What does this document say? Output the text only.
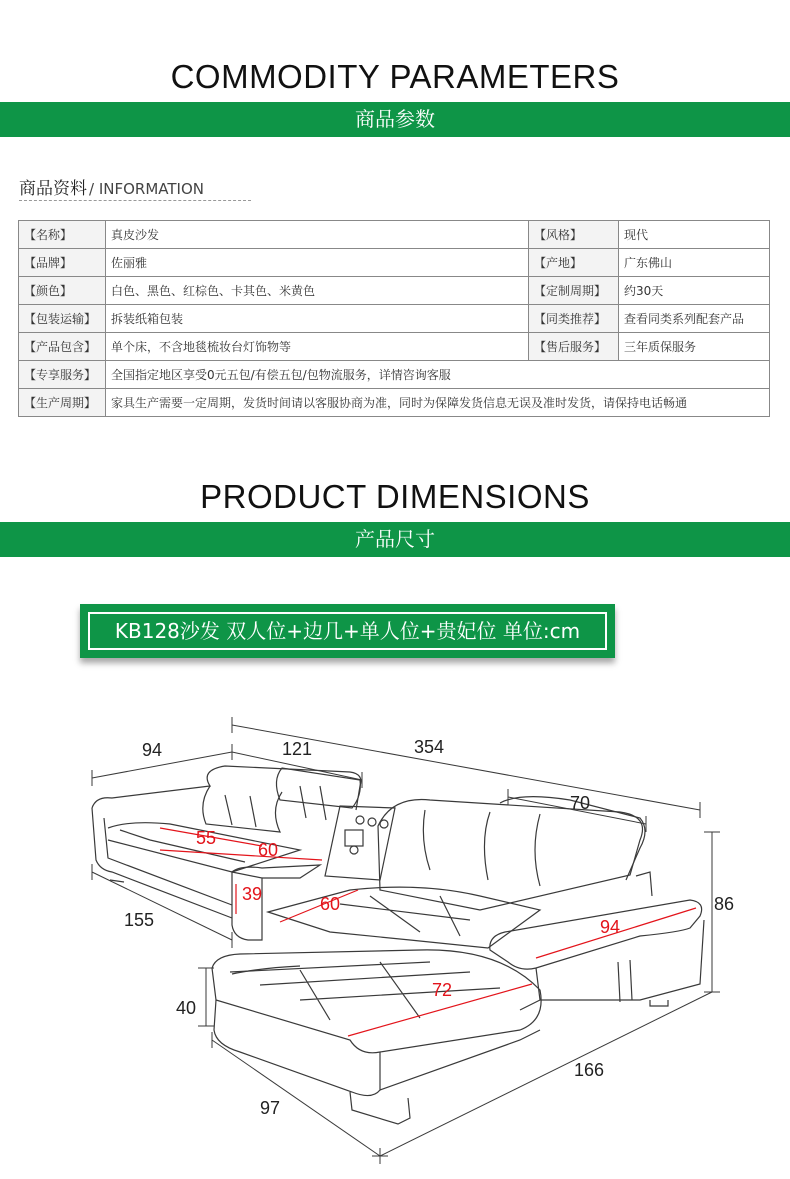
COMMODITY PARAMETERS
商品参数
商品资料 / INFORMATION
【名称】	真皮沙发	【风格】	现代
【品牌】	佐丽雅	【产地】	广东佛山
【颜色】	白色、黑色、红棕色、卡其色、米黄色	【定制周期】	约30天
【包装运输】	拆装纸箱包装	【同类推荐】	查看同类系列配套产品
【产品包含】	单个床，不含地毯梳妆台灯饰物等	【售后服务】	三年质保服务
【专享服务】	全国指定地区享受0元五包/有偿五包/包物流服务，详情咨询客服		
【生产周期】	家具生产需要一定周期，发货时间请以客服协商为准，同时为保障发货信息无误及准时发货，请保持电话畅通		
PRODUCT DIMENSIONS
产品尺寸
KB128沙发 双人位+边几+单人位+贵妃位 单位:cm
94	121	354
70
86
155
40
166
97
55
60
39	60
94
72
